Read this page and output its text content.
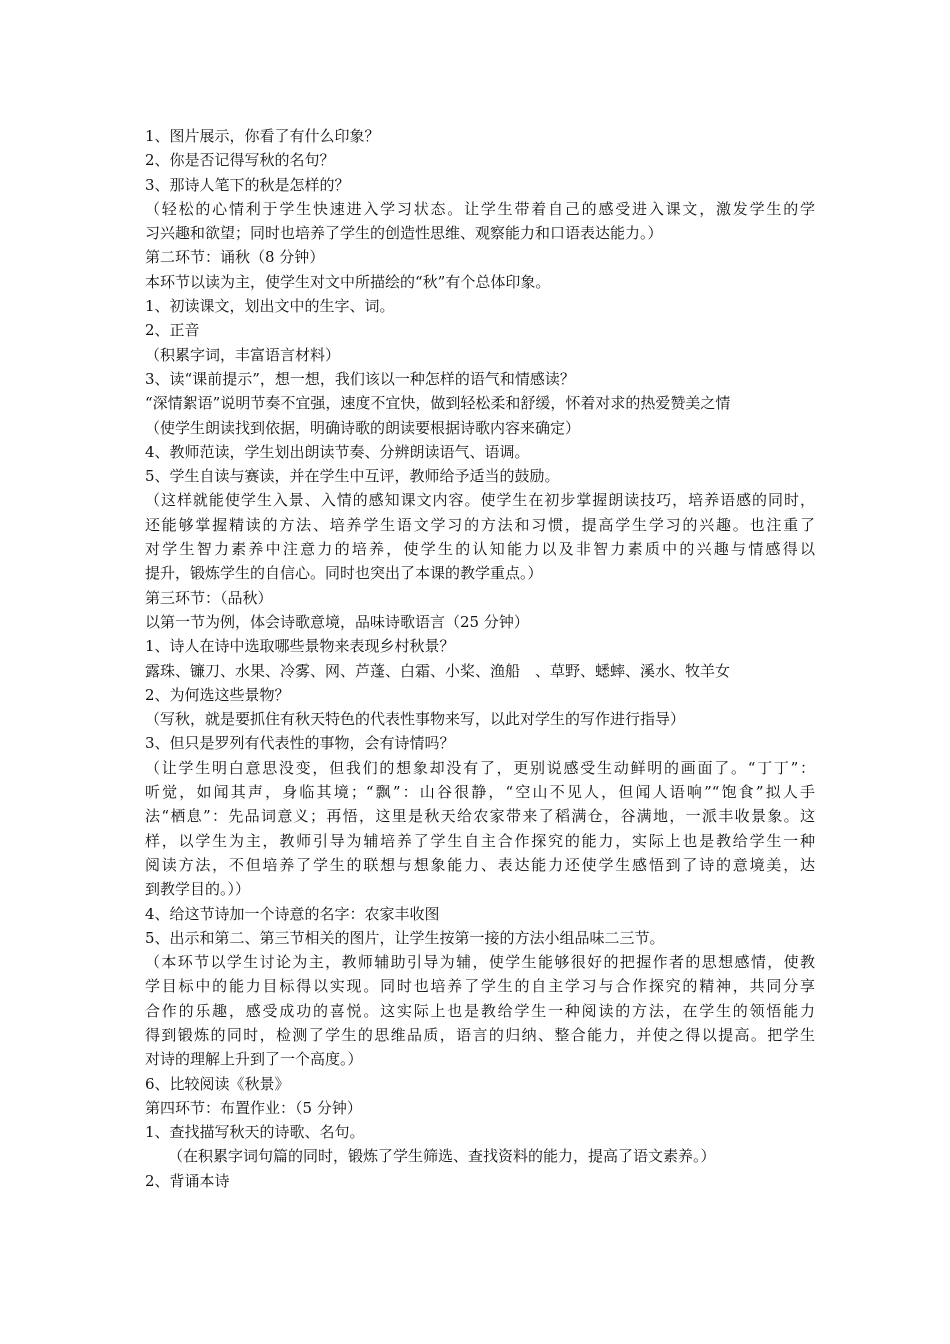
1、图片展示，你看了有什么印象？
2、你是否记得写秋的名句？
3、那诗人笔下的秋是怎样的？
（轻松的心情利于学生快速进入学习状态。让学生带着自己的感受进入课文，激发学生的学
习兴趣和欲望；同时也培养了学生的创造性思维、观察能力和口语表达能力。）
第二环节：诵秋（8 分钟）
本环节以读为主，使学生对文中所描绘的“秋”有个总体印象。
1、初读课文，划出文中的生字、词。
2、正音
（积累字词，丰富语言材料）
3、读“课前提示”，想一想，我们该以一种怎样的语气和情感读？
“深情絮语”说明节奏不宜强，速度不宜快，做到轻松柔和舒缓，怀着对求的热爱赞美之情
（使学生朗读找到依据，明确诗歌的朗读要根据诗歌内容来确定）
4、教师范读，学生划出朗读节奏、分辨朗读语气、语调。
5、学生自读与赛读，并在学生中互评，教师给予适当的鼓励。
（这样就能使学生入景、入情的感知课文内容。使学生在初步掌握朗读技巧，培养语感的同时，
还能够掌握精读的方法、培养学生语文学习的方法和习惯，提高学生学习的兴趣。也注重了
对学生智力素养中注意力的培养，使学生的认知能力以及非智力素质中的兴趣与情感得以
提升，锻炼学生的自信心。同时也突出了本课的教学重点。）
第三环节：（品秋）
以第一节为例，体会诗歌意境，品味诗歌语言（25 分钟）
1、诗人在诗中选取哪些景物来表现乡村秋景？
露珠、镰刀、水果、冷雾、网、芦蓬、白霜、小桨、渔船　、草野、蟋蟀、溪水、牧羊女
2、为何选这些景物？
（写秋，就是要抓住有秋天特色的代表性事物来写，以此对学生的写作进行指导）
3、但只是罗列有代表性的事物，会有诗情吗？
（让学生明白意思没变，但我们的想象却没有了，更别说感受生动鲜明的画面了。“丁丁”：
听觉，如闻其声，身临其境；“飘”：山谷很静，“空山不见人，但闻人语响”“饱食”拟人手
法“栖息”：先品词意义；再悟，这里是秋天给农家带来了稻满仓，谷满地，一派丰收景象。这
样，以学生为主，教师引导为辅培养了学生自主合作探究的能力，实际上也是教给学生一种
阅读方法，不但培养了学生的联想与想象能力、表达能力还使学生感悟到了诗的意境美，达
到教学目的。））
4、给这节诗加一个诗意的名字：农家丰收图
5、出示和第二、第三节相关的图片，让学生按第一接的方法小组品味二三节。
（本环节以学生讨论为主，教师辅助引导为辅，使学生能够很好的把握作者的思想感情，使教
学目标中的能力目标得以实现。同时也培养了学生的自主学习与合作探究的精神，共同分享
合作的乐趣，感受成功的喜悦。这实际上也是教给学生一种阅读的方法，在学生的领悟能力
得到锻炼的同时，检测了学生的思维品质，语言的归纳、整合能力，并使之得以提高。把学生
对诗的理解上升到了一个高度。）
6、比较阅读《秋景》
第四环节：布置作业：（5 分钟）
1、查找描写秋天的诗歌、名句。
（在积累字词句篇的同时，锻炼了学生筛选、查找资料的能力，提高了语文素养。）
2、背诵本诗
